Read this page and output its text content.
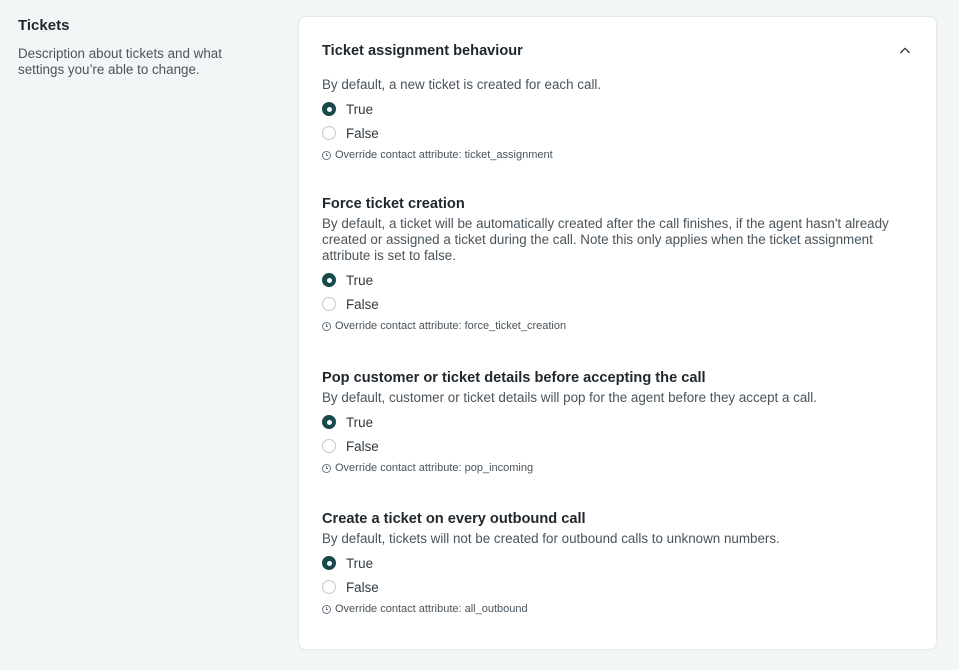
Tickets

Description about tickets and what settings you’re able to change.

Ticket assignment behaviour

By default, a new ticket is created for each call.

True
False
Override contact attribute: ticket_assignment
Force ticket creation

By default, a ticket will be automatically created after the call finishes, if the agent hasn't already created or assigned a ticket during the call. Note this only applies when the ticket assignment attribute is set to false.

True
False
Override contact attribute: force_ticket_creation
Pop customer or ticket details before accepting the call

By default, customer or ticket details will pop for the agent before they accept a call.

True
False
Override contact attribute: pop_incoming
Create a ticket on every outbound call

By default, tickets will not be created for outbound calls to unknown numbers.

True
False
Override contact attribute: all_outbound
